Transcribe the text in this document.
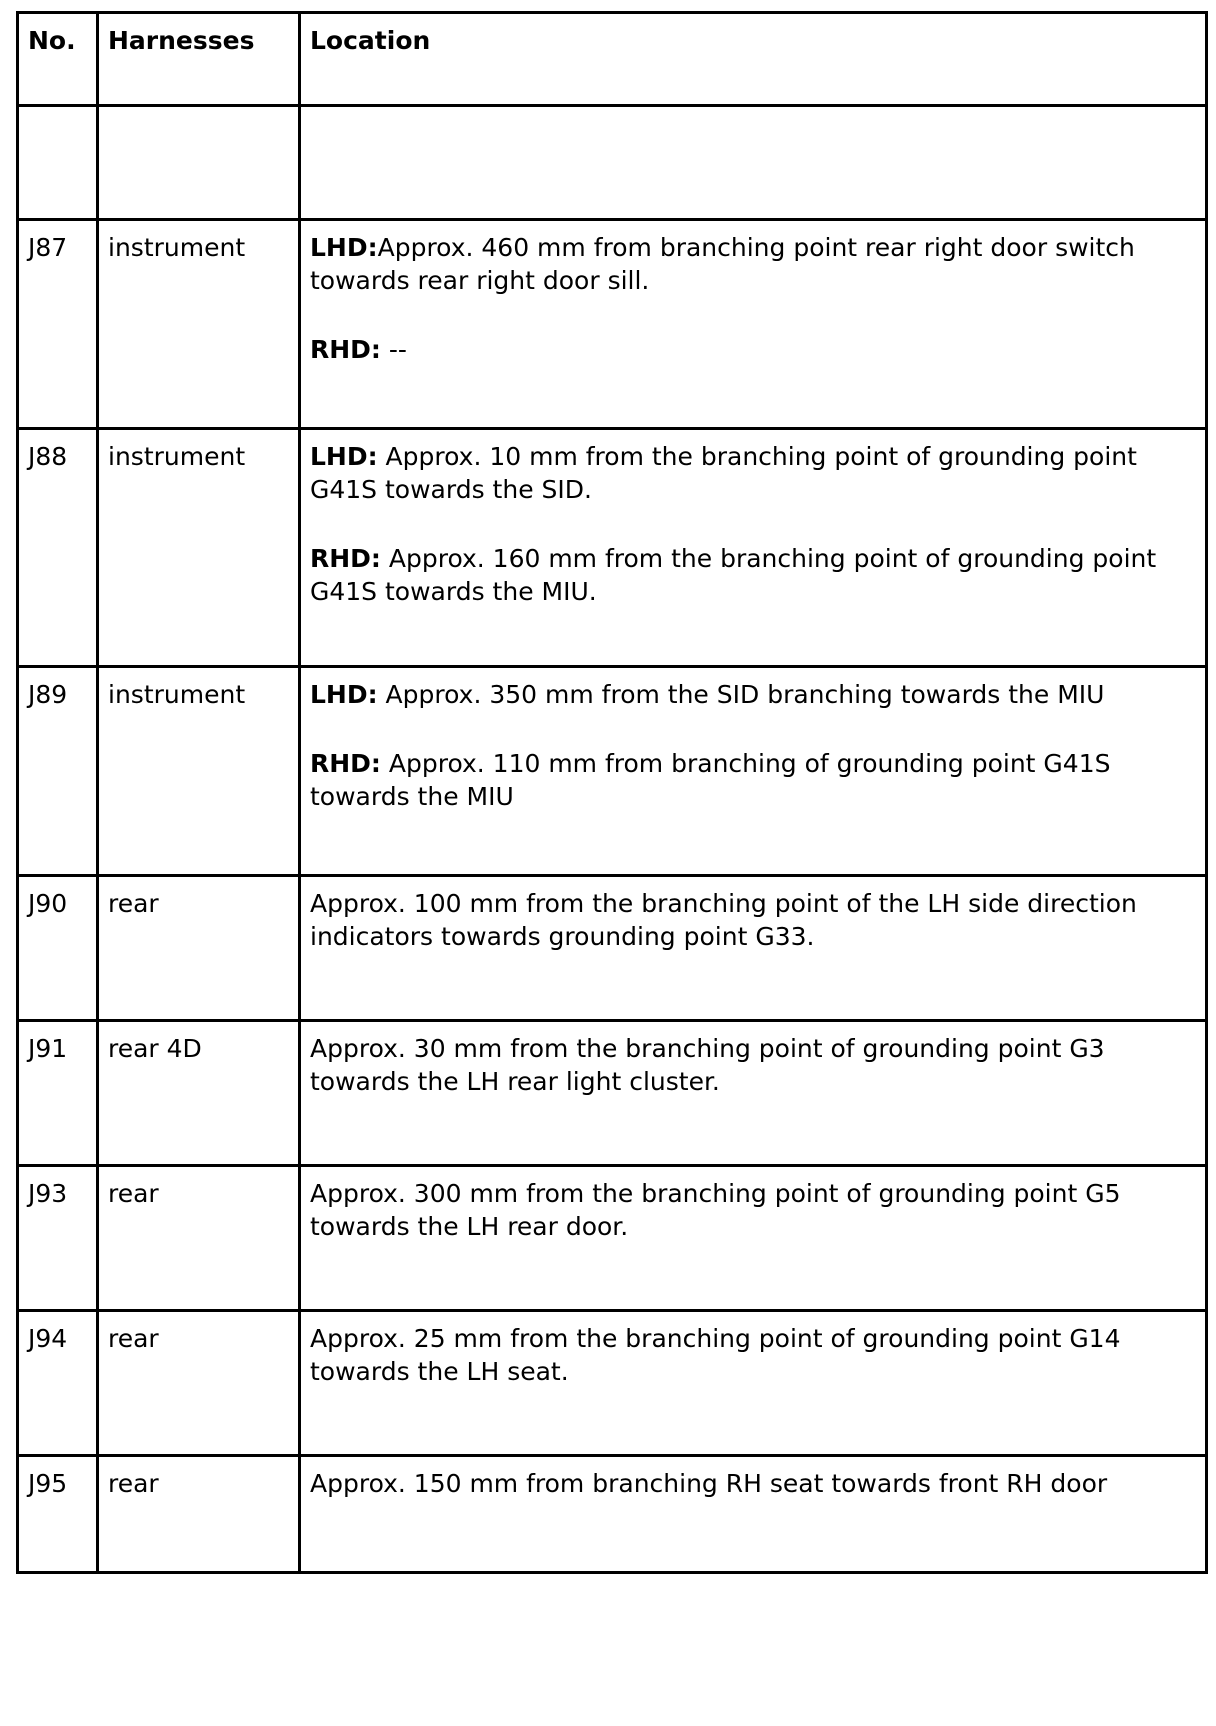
No.	Harnesses	Location

J87	instrument	LHD:Approx. 460 mm from branching point rear right door switch towards rear right door sill.

RHD: --

J88	instrument	LHD: Approx. 10 mm from the branching point of grounding point G41S towards the SID.

RHD: Approx. 160 mm from the branching point of grounding point G41S towards the MIU.

J89	instrument	LHD: Approx. 350 mm from the SID branching towards the MIU

RHD: Approx. 110 mm from branching of grounding point G41S towards the MIU

J90	rear	Approx. 100 mm from the branching point of the LH side direction indicators towards grounding point G33.

J91	rear 4D	Approx. 30 mm from the branching point of grounding point G3 towards the LH rear light cluster.

J93	rear	Approx. 300 mm from the branching point of grounding point G5 towards the LH rear door.

J94	rear	Approx. 25 mm from the branching point of grounding point G14 towards the LH seat.

J95	rear	Approx. 150 mm from branching RH seat towards front RH door
